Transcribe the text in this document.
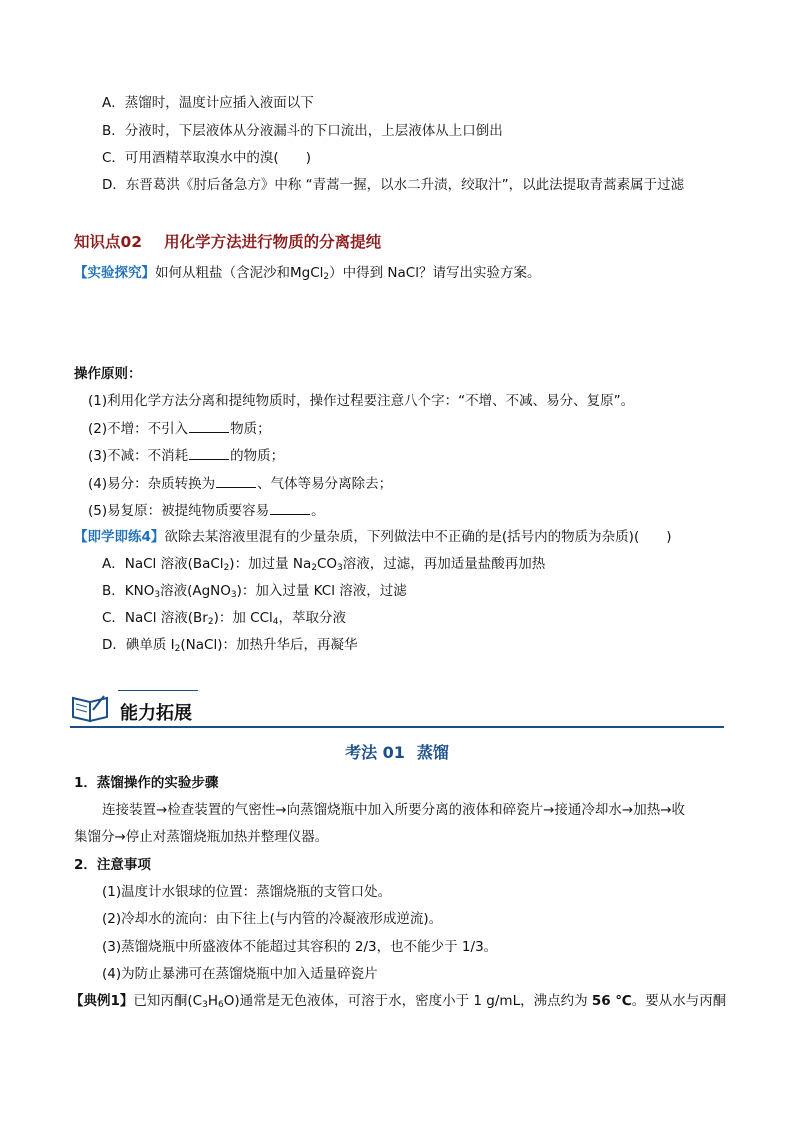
A．蒸馏时，温度计应插入液面以下
B．分液时，下层液体从分液漏斗的下口流出，上层液体从上口倒出
C．可用酒精萃取溴水中的溴(　　)
D．东晋葛洪《肘后备急方》中称 “青蒿一握，以水二升渍，绞取汁”，以此法提取青蒿素属于过滤
知识点02 用化学方法进行物质的分离提纯
【实验探究】如何从粗盐（含泥沙和MgCl$_2$）中得到 NaCl？请写出实验方案。
操作原则：
(1)利用化学方法分离和提纯物质时，操作过程要注意八个字：“不增、不减、易分、复原”。
(2)不增：不引入	物质；
(3)不减：不消耗	的物质；
(4)易分：杂质转换为	、气体等易分离除去；
(5)易复原：被提纯物质要容易	。
【即学即练4】欲除去某溶液里混有的少量杂质，下列做法中不正确的是(括号内的物质为杂质)(　　)
A．NaCl 溶液(BaCl$_2$)：加过量 $Na_2CO_3$溶液，过滤，再加适量盐酸再加热
B．$KNO_3$溶液(AgNO$_3$)：加入过量 KCl 溶液，过滤
C．NaCl 溶液$(Br_2)$：加 CCl$_4$，萃取分液
D．碘单质 $I_2(NaCl)$：加热升华后，再凝华
能力拓展
考法 01 蒸馏
1．蒸馏操作的实验步骤
连接装置→检查装置的气密性→向蒸馏烧瓶中加入所要分离的液体和碎瓷片→接通冷却水→加热→收
集馏分→停止对蒸馏烧瓶加热并整理仪器。
2．注意事项
(1)温度计水银球的位置：蒸馏烧瓶的支管口处。
(2)冷却水的流向：由下往上(与内管的冷凝液形成逆流)。
(3)蒸馏烧瓶中所盛液体不能超过其容积的 2/3，也不能少于 1/3。
(4)为防止暴沸可在蒸馏烧瓶中加入适量碎瓷片
【典例1】已知丙酮$(C_3H_6O)$通常是无色液体，可溶于水，密度小于 1 g/mL，沸点约为 56 ℃。要从水与丙酮
